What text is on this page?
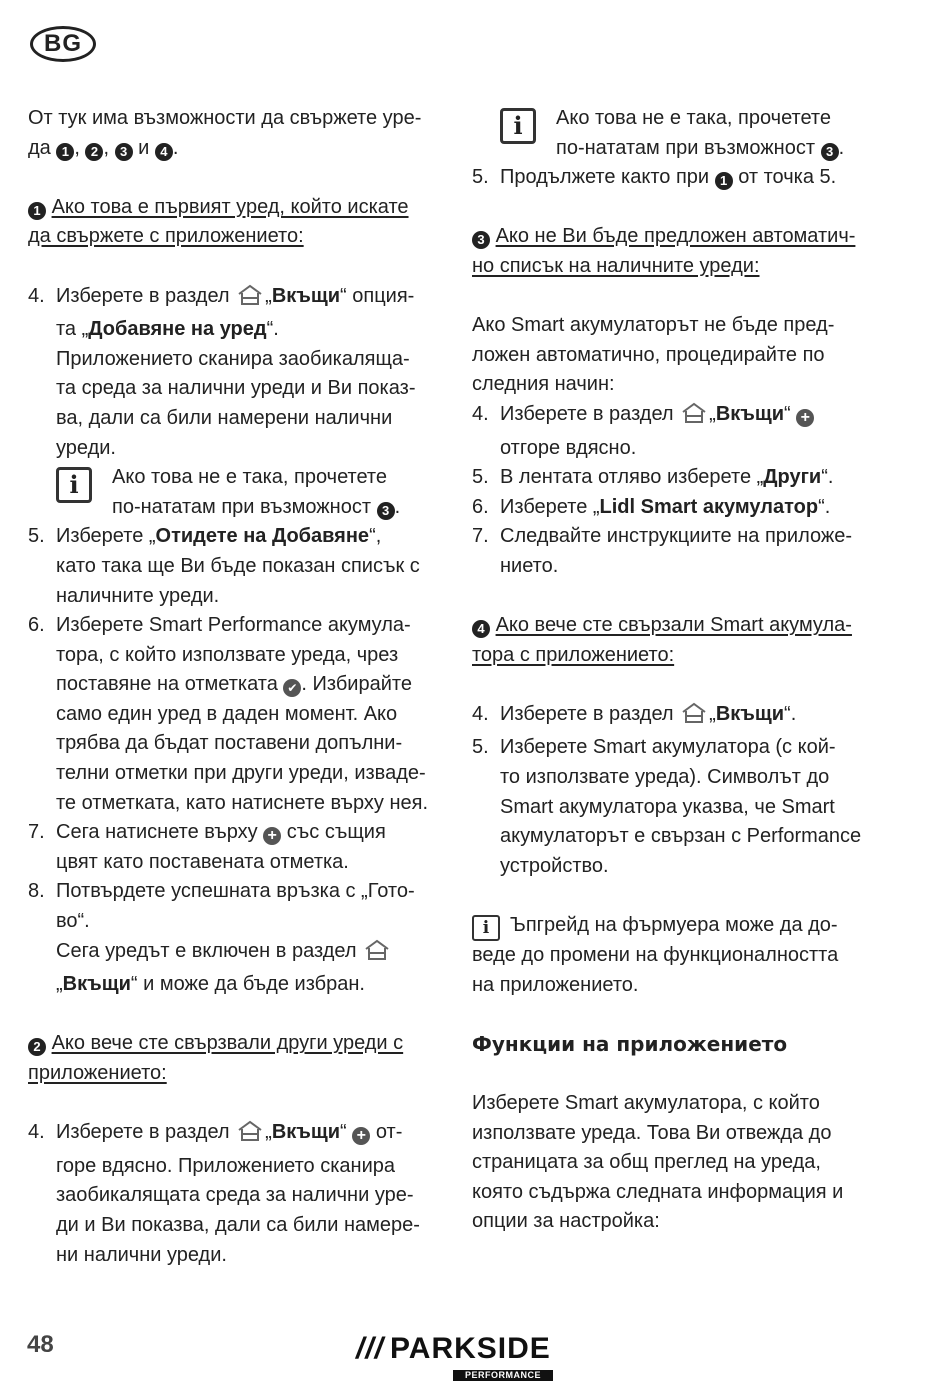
BG

От тук има възможности да свържете уре-
да 1 , 2 , 3 и 4 .

1 Ако това е първият уред, който искате
да свържете с приложението:

4. Изберете в раздел „Вкъщи“ опция-
та „Добавяне на уред“.
Приложението сканира заобикаляща-
та среда за налични уреди и Ви показ-
ва, дали са били намерени налични
уреди.
i	Ако това не е така, прочетете
по-нататам при възможност 3 .
5. Изберете „Отидете на Добавяне“,
като така ще Ви бъде показан списък с
наличните уреди.
6. Изберете Smart Performance акумула-
тора, с който използвате уреда, чрез
поставяне на отметката ✔ . Избирайте
само един уред в даден момент. Ако
трябва да бъдат поставени допълни-
телни отметки при други уреди, изваде-
те отметката, като натиснете върху нея.
7. Сега натиснете върху + със същия
цвят като поставената отметка.
8. Потвърдете успешната връзка с „Гото-
во“.
Сега уредът е включен в раздел
„Вкъщи“ и може да бъде избран.

2 Ако вече сте свързвали други уреди с
приложението:

4. Изберете в раздел „Вкъщи“ + от-
горе вдясно. Приложението сканира
заобикалящата среда за налични уре-
ди и Ви показва, дали са били намере-
ни налични уреди.
i	Ако това не е така, прочетете
по-нататам при възможност 3 .
5. Продължете както при 1 от точка 5.

3 Ако не Ви бъде предложен автоматич-
но списък на наличните уреди:

Ако Smart акумулаторът не бъде пред-
ложен автоматично, процедирайте по
следния начин:

4. Изберете в раздел „Вкъщи“ +
отгоре вдясно.
5. В лентата отляво изберете „Други“.
6. Изберете „Lidl Smart акумулатор“.
7. Следвайте инструкциите на приложе-
нието.

4 Ако вече сте свързали Smart акумула-
тора с приложението:

4. Изберете в раздел „Вкъщи“.
5. Изберете Smart акумулатора (с кой-
то използвате уреда). Символът до
Smart акумулатора указва, че Smart
акумулаторът е свързан с Performance
устройство.

i Ъпгрейд на фърмуера може да до-
веде до промени на функционалността
на приложението.

Функции на приложението

Изберете Smart акумулатора, с който
използвате уреда. Това Ви отвежда до
страницата за общ преглед на уреда,
която съдържа следната информация и
опции за настройка:

48	/// PARKSIDE
PERFORMANCE
